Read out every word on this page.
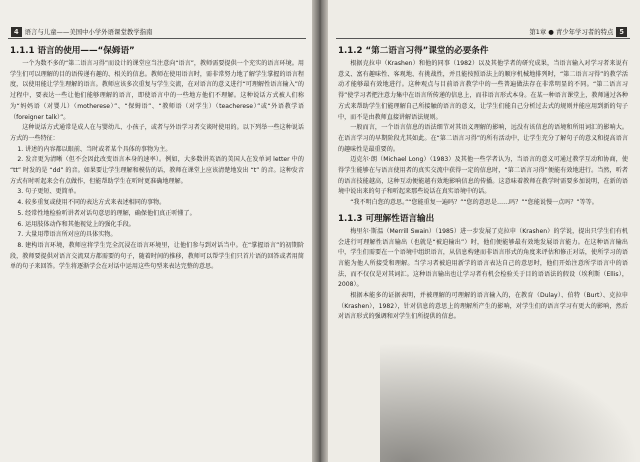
4 语言与儿童——美国中小学外语课堂教学指南
1.1.1 语言的使用——“保姆语”

一个为数不多的“第二语言习得”而设计的课堂应当注意向“语言”，教师需要提供一个充实的语言环境。用学生们可以理解的目的语传递有趣的、相关的信息。教师在使用语言时，需非常努力地了解学生掌握的语言程度，以使用能让学生理解的语言。教师应该多次重复与学生交流，在对语言的意义进行“可理解性语言输入”的过程中，要表达一些让他们能够理解的语言，即使语言中的一些地方他们不理解。这种说话方式被人们称为“妈妈语（对婴儿）（motherese）”、“保姆语”、“教师语（对学生）（teacherese）”或“外语教学语（foreigner talk）”。

这种说话方式通常是成人在与婴幼儿、小孩子，或者与外语学习者交谈时使用的。以下列举一些这种说话方式的一些特征：

1. 讲述的内容都以眼前、当时或者某个具体的事物为主。

2. 发音更为清晰（但不会因此改变语言本身的速率）。例如，大多数讲英语的美国人在发单词 letter 中的 “tt” 时发的是 “dd” 的音。如果要让学生理解和模仿的话，教师在课堂上应该清楚地发出 “t” 的音。这种发音方式有时听起来会有点做作，但能帮助学生在听时更准确地理解。

3. 句子更短、更简单。

4. 较多重复或使用不同的表达方式来表述相同的事物。

5. 经常性地检验听讲者对话句意思的理解，确保他们真正听懂了。

6. 运用肢体动作和其他视觉上的强化手段。

7. 大量用带语言所对应的具体实物。

8. 建构语言环境，教师应将学生完全沉浸在语言环境里，让他们参与到对话当中。在“掌握语言”的初期阶段，教师要提供对语言交流双方都需要的句子，随着时间的推移，教师可以帮学生们只首片语的回答或者用简单的句子来回答。学生将逐渐学会在对话中运用这些句型来表达完整的意思。

第1章 ● 青少年学习者的特点 5
1.1.2 “第二语言习得”课堂的必要条件

根据克拉申（Krashen）和他的同事（1982）以及其他学者的研究成果，当语言输入对学习者来说有意义、富有趣味性、客观地、有挑战性，并且能按照语法上的顺序机械地排列时，“第二语言习得”的教学活动才能够最有效地进行。这种观点与目前语言教学中的一些普遍做法存在非常明显的不同。“第二语言习得”使学习者把注意力集中在语言所传递的信息上，而非语言形式本身。在某一种语言课堂上，教师通过各种方式来帮助学生们能理解自己所接触的语言的意义，让学生们能自己分析过去式的规则并能应用到新的句子中，而不是由教师直接讲解语法规则。

一般而言，一个语言信息的语法细节对其语义理解的影响，远没有该信息的语境和所用词汇的影响大。在语言学习的早期阶段尤其如此。在“第二语言习得”的所有活动中，让学生充分了解句子的意义和提高语言的趣味性是最重要的。

迈克尔·朗（Michael Long）（1983）及其他一些学者认为，当语言的意义可通过教学互动和协商，使得学生能够在与语言使用者的真实交流中获得一定的信息时，“第二语言习得”便能有效地进行。当然，听者的语言技能越高，这种互动便能越有效地影响信息的传播。这意味着教师在教学时需要多加说明，在新的语境中说出来的句子和听起来那些说话在真实语境中的话。

“我不明白您的意思。”“您能重复一遍吗？”“您的意思是……吗？”“您能说慢一点吗？”等等。

1.1.3 可理解性语言输出

梅里尔·斯温（Merrill Swain）（1985）进一步发展了克拉申（Krashen）的学说，提出只学生们有机会进行可理解性语言输出（也就是“被迫输出”）时，他们便能够最有效地发展语言能力。在这种语言输出中，学生们需要在一个语境中组织语言，从信息构建而非语言形式的角度来评估和修正对话，使所学习的语言能为他人所接受和理解。当学习者被迫用新学的语言表达自己的意思时，他们开始注意所学语言中的语法，而不仅仅是对其词汇。这种语言输出也让学习者有机会检验关于目的语语法的假设（埃利斯（Ellis），2008）。

根据本能多的证据表明，并被理解的可理解的语言输入的，在教育（Dulay）、伯特（Burt）、克拉申（Krashen），1982），针对信息的意思上的理解所产生的影响，对学生们的语言学习有更大的影响，然后对语言形式的强调和对学生们所提供的信息。
